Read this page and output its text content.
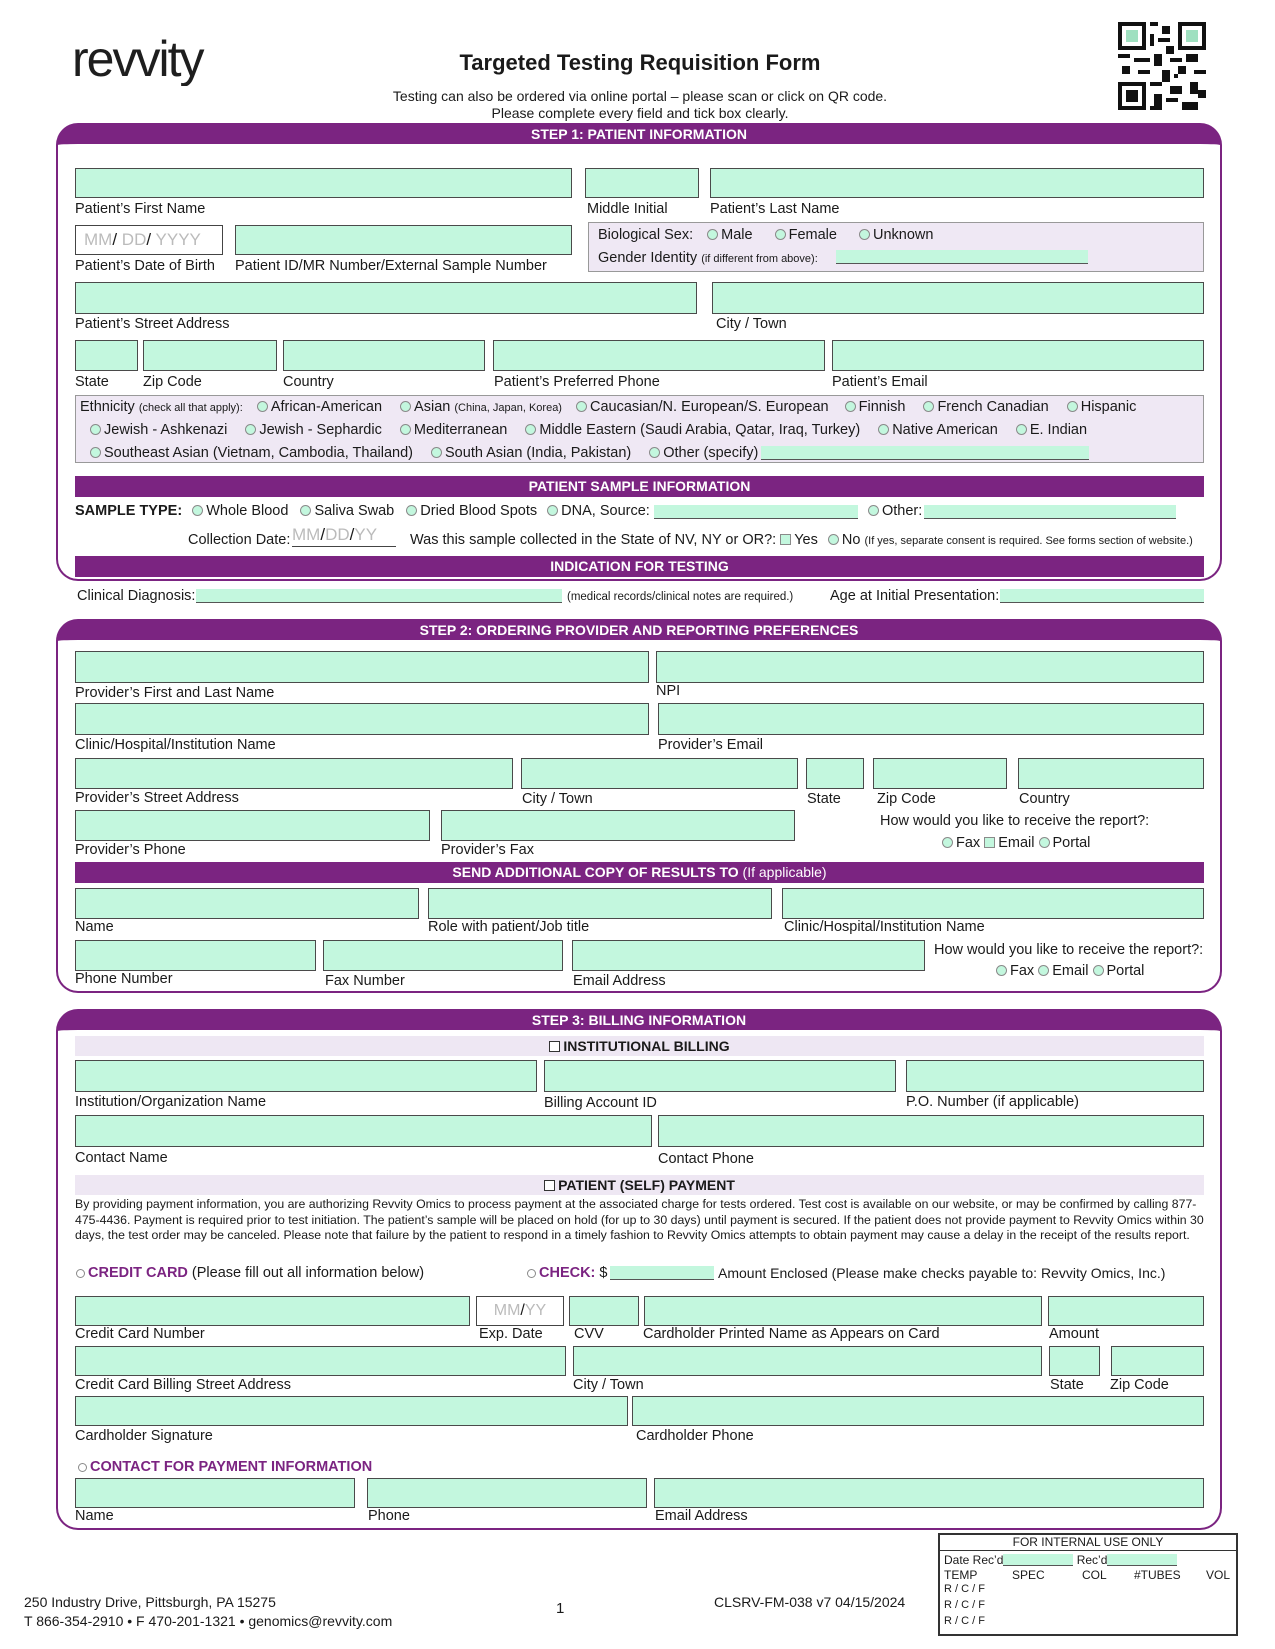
revvity	Targeted Testing Requisition Form
Testing can also be ordered via online portal – please scan or click on QR code.
Please complete every field and tick box clearly.
STEP 1: PATIENT INFORMATION
Patient’s First Name	Middle Initial	Patient’s Last Name
MM/ DD/ YYYY
Patient’s Date of Birth Patient ID/MR Number/External Sample Number
Biological Sex: Male Female Unknown
Gender Identity (if different from above):
Patient’s Street Address	City / Town
State Zip Code	Country	Patient’s Preferred Phone	Patient’s Email
Ethnicity (check all that apply): African-American Asian (China, Japan, Korea) Caucasian/N. European/S. European Finnish French Canadian Hispanic
Jewish - Ashkenazi Jewish - Sephardic Mediterranean Middle Eastern (Saudi Arabia, Qatar, Iraq, Turkey) Native American E. Indian
Southeast Asian (Vietnam, Cambodia, Thailand) South Asian (India, Pakistan) Other (specify)
PATIENT SAMPLE INFORMATION
SAMPLE TYPE: Whole Blood Saliva Swab Dried Blood Spots DNA, Source:	Other:
Collection Date: MM/DD/YY	Was this sample collected in the State of NV, NY or OR?: Yes No (If yes, separate consent is required. See forms section of website.)
INDICATION FOR TESTING
Clinical Diagnosis:	(medical records/clinical notes are required.)	Age at Initial Presentation:
STEP 2: ORDERING PROVIDER AND REPORTING PREFERENCES
Provider’s First and Last Name	NPI
Clinic/Hospital/Institution Name	Provider’s Email
Provider’s Street Address	City / Town	State Zip Code	Country
Provider’s Phone	Provider’s Fax
How would you like to receive the report?:
Fax Email Portal
SEND ADDITIONAL COPY OF RESULTS TO (If applicable)
Name	Role with patient/Job title	Clinic/Hospital/Institution Name
Phone Number	Fax Number	Email Address
How would you like to receive the report?:
Fax Email Portal
STEP 3: BILLING INFORMATION
INSTITUTIONAL BILLING
Institution/Organization Name	Billing Account ID	P.O. Number (if applicable)
Contact Name	Contact Phone
PATIENT (SELF) PAYMENT
By providing payment information, you are authorizing Revvity Omics to process payment at the associated charge for tests ordered. Test cost is available on our website, or may be confirmed by calling 877-475-4436. Payment is required prior to test initiation. The patient’s sample will be placed on hold (for up to 30 days) until payment is secured. If the patient does not provide payment to Revvity Omics within 30 days, the test order may be canceled. Please note that failure by the patient to respond in a timely fashion to Revvity Omics attempts to obtain payment may cause a delay in the receipt of the results report.
CREDIT CARD (Please fill out all information below)	CHECK: $	Amount Enclosed (Please make checks payable to: Revvity Omics, Inc.)
MM/YY
Credit Card Number	Exp. Date CVV	Cardholder Printed Name as Appears on Card	Amount
Credit Card Billing Street Address	City / Town	State Zip Code
Cardholder Signature	Cardholder Phone
CONTACT FOR PAYMENT INFORMATION
Name	Phone	Email Address
250 Industry Drive, Pittsburgh, PA 15275
T 866-354-2910 • F 470-201-1321 • genomics@revvity.com
1	CLSRV-FM-038 v7 04/15/2024
FOR INTERNAL USE ONLY
Date Rec’d	Rec’d
TEMP	SPEC	COL #TUBES VOL
R / C / F
R / C / F
R / C / F
